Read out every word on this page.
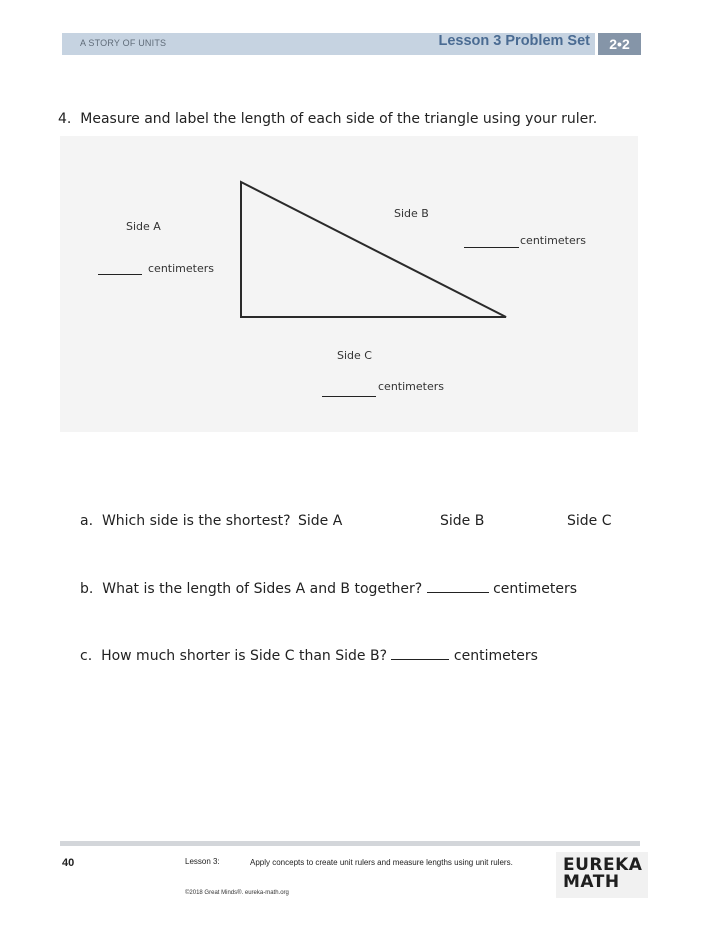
A STORY OF UNITS	Lesson 3 Problem Set	2•2
4. Measure and label the length of each side of the triangle using your ruler.
Side A
centimeters
Side B
centimeters
Side C
centimeters
a. Which side is the shortest? Side A	Side B	Side C
b. What is the length of Sides A and B together?	centimeters
c. How much shorter is Side C than Side B?	centimeters
40	Lesson 3:	Apply concepts to create unit rulers and measure lengths using unit rulers.
©2018 Great Minds®. eureka-math.org
EUREKA
MATH
